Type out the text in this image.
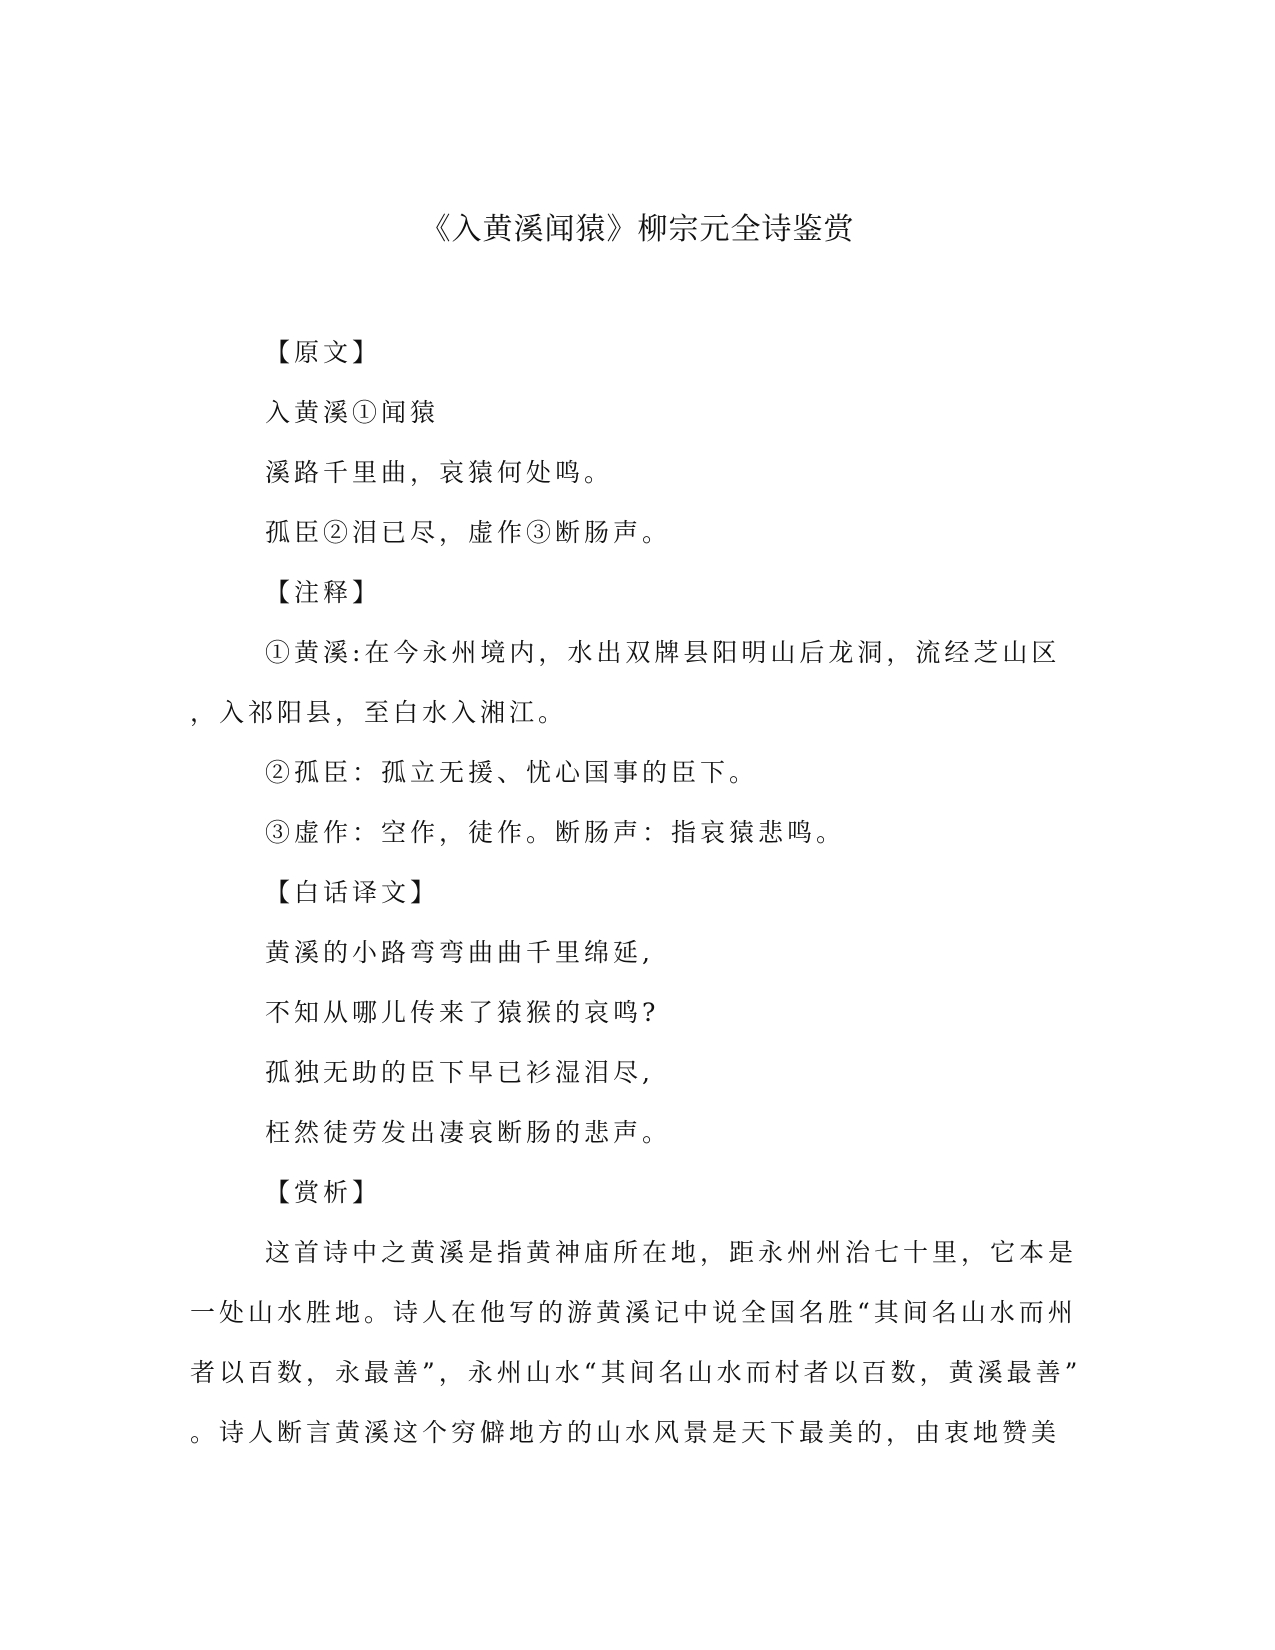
《入黄溪闻猿》柳宗元全诗鉴赏
【原文】
入黄溪①闻猿
溪路千里曲，哀猿何处鸣。
孤臣②泪已尽，虚作③断肠声。
【注释】
①黄溪:在今永州境内，水出双牌县阳明山后龙洞，流经芝山区
，入祁阳县，至白水入湘江。
②孤臣：孤立无援、忧心国事的臣下。
③虚作：空作，徒作。断肠声：指哀猿悲鸣。
【白话译文】
黄溪的小路弯弯曲曲千里绵延,
不知从哪儿传来了猿猴的哀鸣?
孤独无助的臣下早已衫湿泪尽,
枉然徒劳发出凄哀断肠的悲声。
【赏析】
这首诗中之黄溪是指黄神庙所在地，距永州州治七十里，它本是
一处山水胜地。诗人在他写的游黄溪记中说全国名胜“其间名山水而州
者以百数，永最善”，永州山水“其间名山水而村者以百数，黄溪最善”
。诗人断言黄溪这个穷僻地方的山水风景是天下最美的，由衷地赞美
